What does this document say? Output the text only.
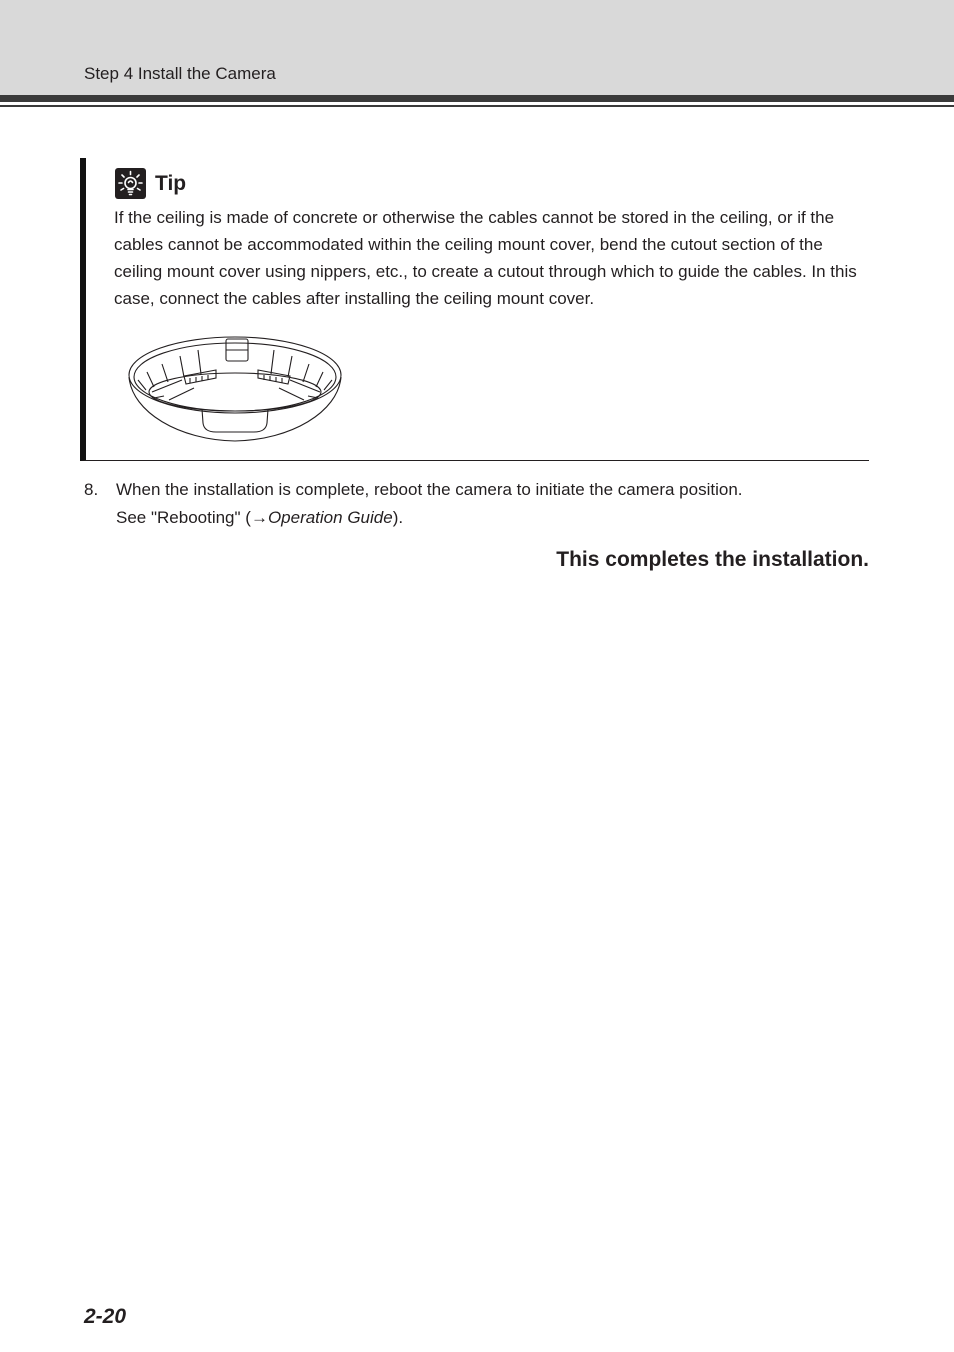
Step 4 Install the Camera
Tip
If the ceiling is made of concrete or otherwise the cables cannot be stored in the ceiling, or if the cables cannot be accommodated within the ceiling mount cover, bend the cutout section of the ceiling mount cover using nippers, etc., to create a cutout through which to guide the cables. In this case, connect the cables after installing the ceiling mount cover.
8. When the installation is complete, reboot the camera to initiate the camera position.
See "Rebooting" (→Operation Guide).
This completes the installation.
2-20
